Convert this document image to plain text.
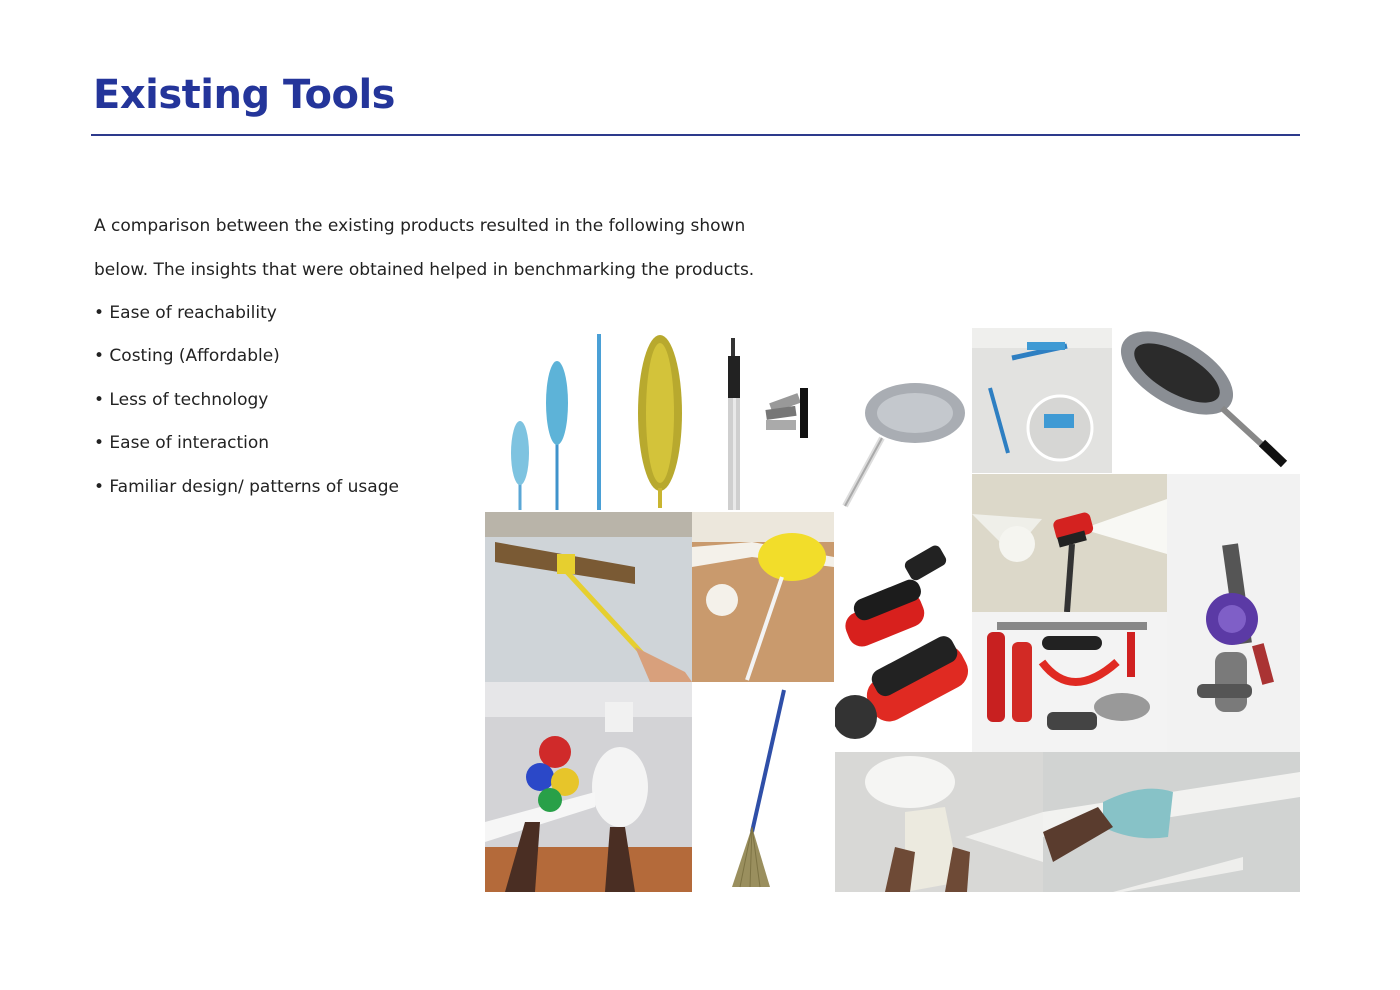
Existing Tools

A comparison between the existing products resulted in the following shown

below. The insights that were obtained helped in benchmarking the products.

• Ease of reachability

• Costing (Affordable)

• Less of technology

• Ease of interaction

• Familiar design/ patterns of usage
